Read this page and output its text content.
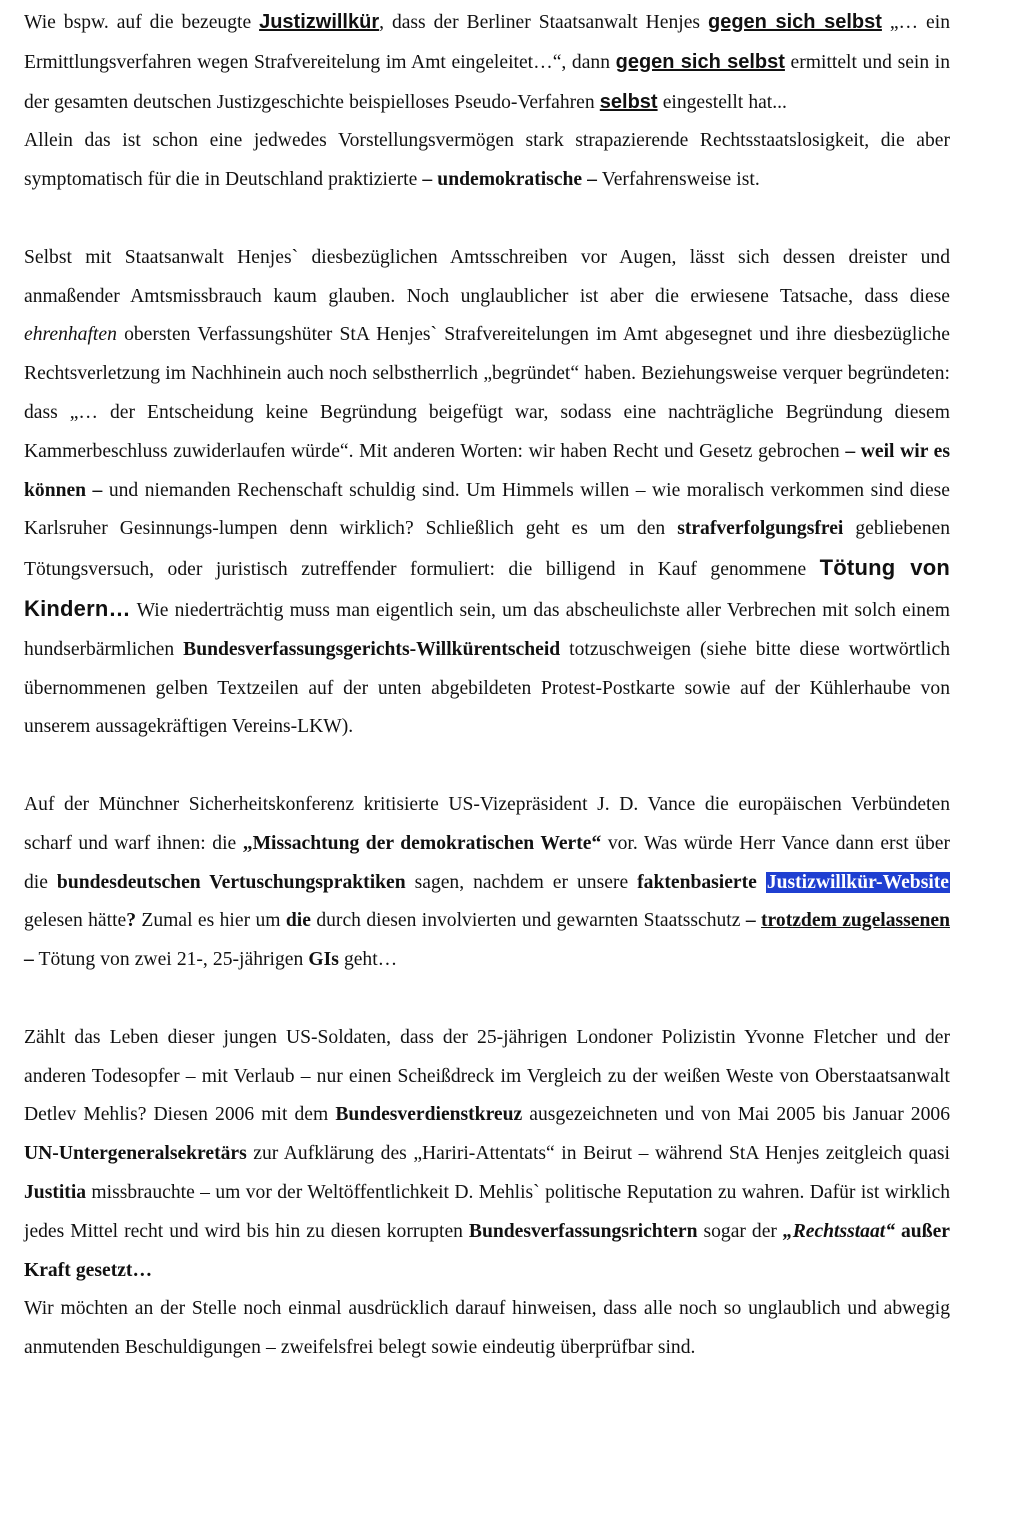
Wie bspw. auf die bezeugte Justizwillkür, dass der Berliner Staatsanwalt Henjes gegen sich selbst „… ein Ermittlungsverfahren wegen Strafvereitelung im Amt eingeleitet…“, dann gegen sich selbst ermittelt und sein in der gesamten deutschen Justizgeschichte beispielloses Pseudo-Verfahren selbst eingestellt hat...

Allein das ist schon eine jedwedes Vorstellungsvermögen stark strapazierende Rechtsstaatslosigkeit, die aber symptomatisch für die in Deutschland praktizierte – undemokratische – Verfahrensweise ist.

Selbst mit Staatsanwalt Henjes` diesbezüglichen Amtsschreiben vor Augen, lässt sich dessen dreister und anmaßender Amtsmissbrauch kaum glauben. Noch unglaublicher ist aber die erwiesene Tatsache, dass diese ehrenhaften obersten Verfassungshüter StA Henjes` Strafvereitelungen im Amt abgesegnet und ihre diesbezügliche Rechtsverletzung im Nachhinein auch noch selbstherrlich „begründet“ haben. Beziehungsweise verquer begründeten: dass „… der Entscheidung keine Begründung beigefügt war, sodass eine nachträgliche Begründung diesem Kammerbeschluss zuwiderlaufen würde“. Mit anderen Worten: wir haben Recht und Gesetz gebrochen – weil wir es können – und niemanden Rechenschaft schuldig sind. Um Himmels willen – wie moralisch verkommen sind diese Karlsruher Gesinnungs-lumpen denn wirklich? Schließlich geht es um den strafverfolgungsfrei gebliebenen Tötungsversuch, oder juristisch zutreffender formuliert: die billigend in Kauf genommene Tötung von Kindern… Wie niederträchtig muss man eigentlich sein, um das abscheulichste aller Verbrechen mit solch einem hundserbärmlichen Bundesverfassungsgerichts-Willkürentscheid totzuschweigen (siehe bitte diese wortwörtlich übernommenen gelben Textzeilen auf der unten abgebildeten Protest-Postkarte sowie auf der Kühlerhaube von unserem aussagekräftigen Vereins-LKW).

Auf der Münchner Sicherheitskonferenz kritisierte US-Vizepräsident J. D. Vance die europäischen Verbündeten scharf und warf ihnen: die „Missachtung der demokratischen Werte“ vor. Was würde Herr Vance dann erst über die bundesdeutschen Vertuschungspraktiken sagen, nachdem er unsere faktenbasierte Justizwillkür-Website gelesen hätte? Zumal es hier um die durch diesen involvierten und gewarnten Staatsschutz – trotzdem zugelassenen – Tötung von zwei 21-, 25-jährigen GIs geht…

Zählt das Leben dieser jungen US-Soldaten, dass der 25-jährigen Londoner Polizistin Yvonne Fletcher und der anderen Todesopfer – mit Verlaub – nur einen Scheißdreck im Vergleich zu der weißen Weste von Oberstaatsanwalt Detlev Mehlis? Diesen 2006 mit dem Bundesverdienstkreuz ausgezeichneten und von Mai 2005 bis Januar 2006 UN-Untergeneralsekretärs zur Aufklärung des „Hariri-Attentats“ in Beirut – während StA Henjes zeitgleich quasi Justitia missbrauchte – um vor der Weltöffentlichkeit D. Mehlis` politische Reputation zu wahren. Dafür ist wirklich jedes Mittel recht und wird bis hin zu diesen korrupten Bundesverfassungsrichtern sogar der „Rechtsstaat“ außer Kraft gesetzt…

Wir möchten an der Stelle noch einmal ausdrücklich darauf hinweisen, dass alle noch so unglaublich und abwegig anmutenden Beschuldigungen – zweifelsfrei belegt sowie eindeutig überprüfbar sind.
